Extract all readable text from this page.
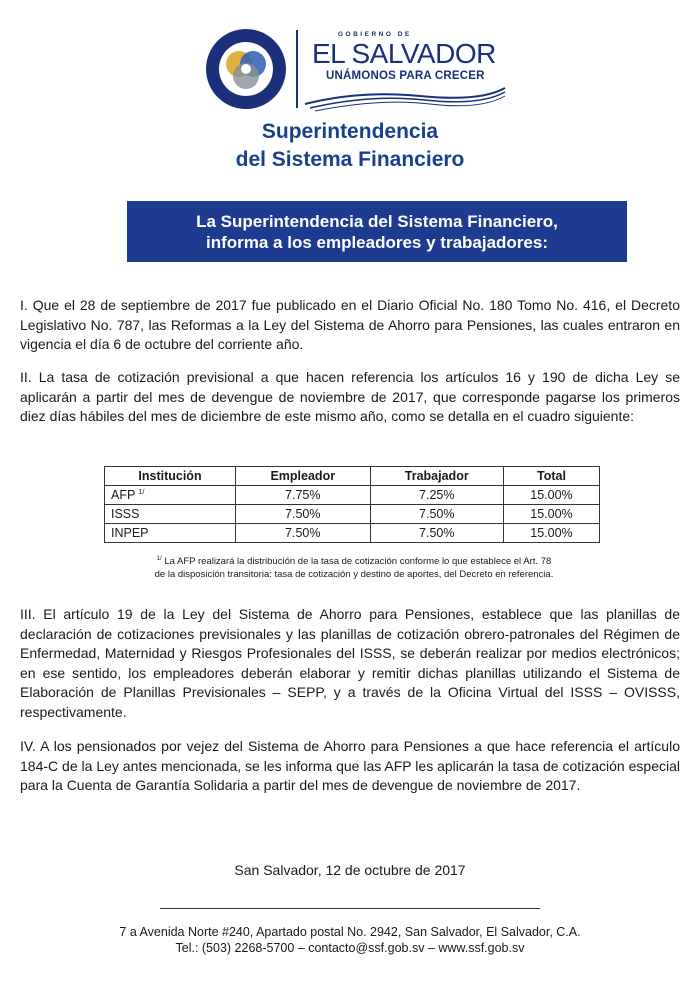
GOBIERNO DE
EL SALVADOR
UNÁMONOS PARA CRECER
Superintendencia
del Sistema Financiero
La Superintendencia del Sistema Financiero,
informa a los empleadores y trabajadores:
I. Que el 28 de septiembre de 2017 fue publicado en el Diario Oficial No. 180 Tomo No. 416, el Decreto Legislativo No. 787, las Reformas a la Ley del Sistema de Ahorro para Pensiones, las cuales entraron en vigencia el día 6 de octubre del corriente año.
II. La tasa de cotización previsional a que hacen referencia los artículos 16 y 190 de dicha Ley se aplicarán a partir del mes de devengue de noviembre de 2017, que corresponde pagarse los primeros diez días hábiles del mes de diciembre de este mismo año, como se detalla en el cuadro siguiente:
Institución	Empleador	Trabajador	Total
AFP $^{1/}$	7.75%	7.25%	15.00%
ISSS	7.50%	7.50%	15.00%
INPEP	7.50%	7.50%	15.00%
$^{1/}$ La AFP realizará la distribución de la tasa de cotización conforme lo que establece el Art. 78
de la disposición transitoria: tasa de cotización y destino de aportes, del Decreto en referencia.
III. El artículo 19 de la Ley del Sistema de Ahorro para Pensiones, establece que las planillas de declaración de cotizaciones previsionales y las planillas de cotización obrero-patronales del Régimen de Enfermedad, Maternidad y Riesgos Profesionales del ISSS, se deberán realizar por medios electrónicos; en ese sentido, los empleadores deberán elaborar y remitir dichas planillas utilizando el Sistema de Elaboración de Planillas Previsionales – SEPP, y a través de la Oficina Virtual del ISSS – OVISSS, respectivamente.
IV. A los pensionados por vejez del Sistema de Ahorro para Pensiones a que hace referencia el artículo 184-C de la Ley antes mencionada, se les informa que las AFP les aplicarán la tasa de cotización especial para la Cuenta de Garantía Solidaria a partir del mes de devengue de noviembre de 2017.
San Salvador, 12 de octubre de 2017
7 a Avenida Norte #240, Apartado postal No. 2942, San Salvador, El Salvador, C.A.
Tel.: (503) 2268-5700 – contacto@ssf.gob.sv – www.ssf.gob.sv
